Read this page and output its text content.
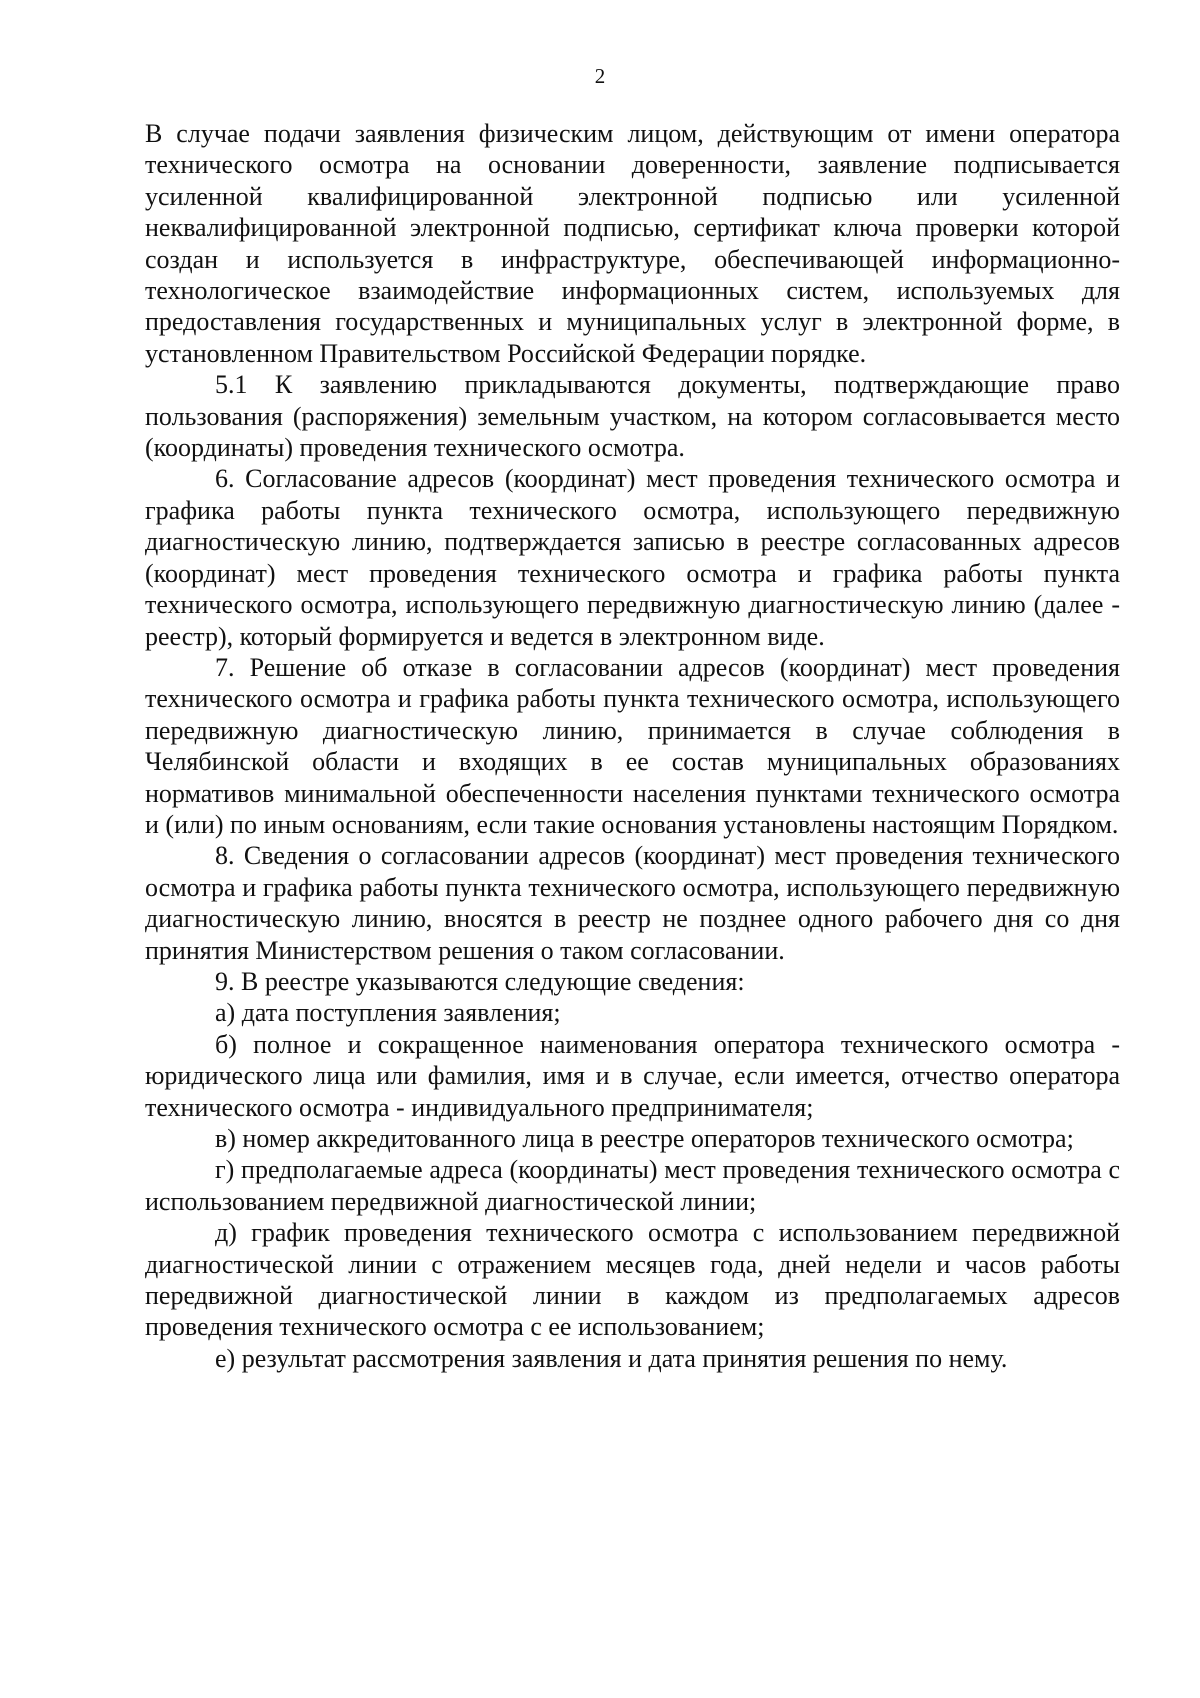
2

В случае подачи заявления физическим лицом, действующим от имени оператора технического осмотра на основании доверенности, заявление подписывается усиленной квалифицированной электронной подписью или усиленной неквалифицированной электронной подписью, сертификат ключа проверки которой создан и используется в инфраструктуре, обеспечивающей информационно-технологическое взаимодействие информационных систем, используемых для предоставления государственных и муниципальных услуг в электронной форме, в установленном Правительством Российской Федерации порядке.

5.1 К заявлению прикладываются документы, подтверждающие право пользования (распоряжения) земельным участком, на котором согласовывается место (координаты) проведения технического осмотра.

6. Согласование адресов (координат) мест проведения технического осмотра и графика работы пункта технического осмотра, использующего передвижную диагностическую линию, подтверждается записью в реестре согласованных адресов (координат) мест проведения технического осмотра и графика работы пункта технического осмотра, использующего передвижную диагностическую линию (далее - реестр), который формируется и ведется в электронном виде.

7. Решение об отказе в согласовании адресов (координат) мест проведения технического осмотра и графика работы пункта технического осмотра, использующего передвижную диагностическую линию, принимается в случае соблюдения в Челябинской области и входящих в ее состав муниципальных образованиях нормативов минимальной обеспеченности населения пунктами технического осмотра и (или) по иным основаниям, если такие основания установлены настоящим Порядком.

8. Сведения о согласовании адресов (координат) мест проведения технического осмотра и графика работы пункта технического осмотра, использующего передвижную диагностическую линию, вносятся в реестр не позднее одного рабочего дня со дня принятия Министерством решения о таком согласовании.

9. В реестре указываются следующие сведения:

а) дата поступления заявления;

б) полное и сокращенное наименования оператора технического осмотра - юридического лица или фамилия, имя и в случае, если имеется, отчество оператора технического осмотра - индивидуального предпринимателя;

в) номер аккредитованного лица в реестре операторов технического осмотра;

г) предполагаемые адреса (координаты) мест проведения технического осмотра с использованием передвижной диагностической линии;

д) график проведения технического осмотра с использованием передвижной диагностической линии с отражением месяцев года, дней недели и часов работы передвижной диагностической линии в каждом из предполагаемых адресов проведения технического осмотра с ее использованием;

е) результат рассмотрения заявления и дата принятия решения по нему.
